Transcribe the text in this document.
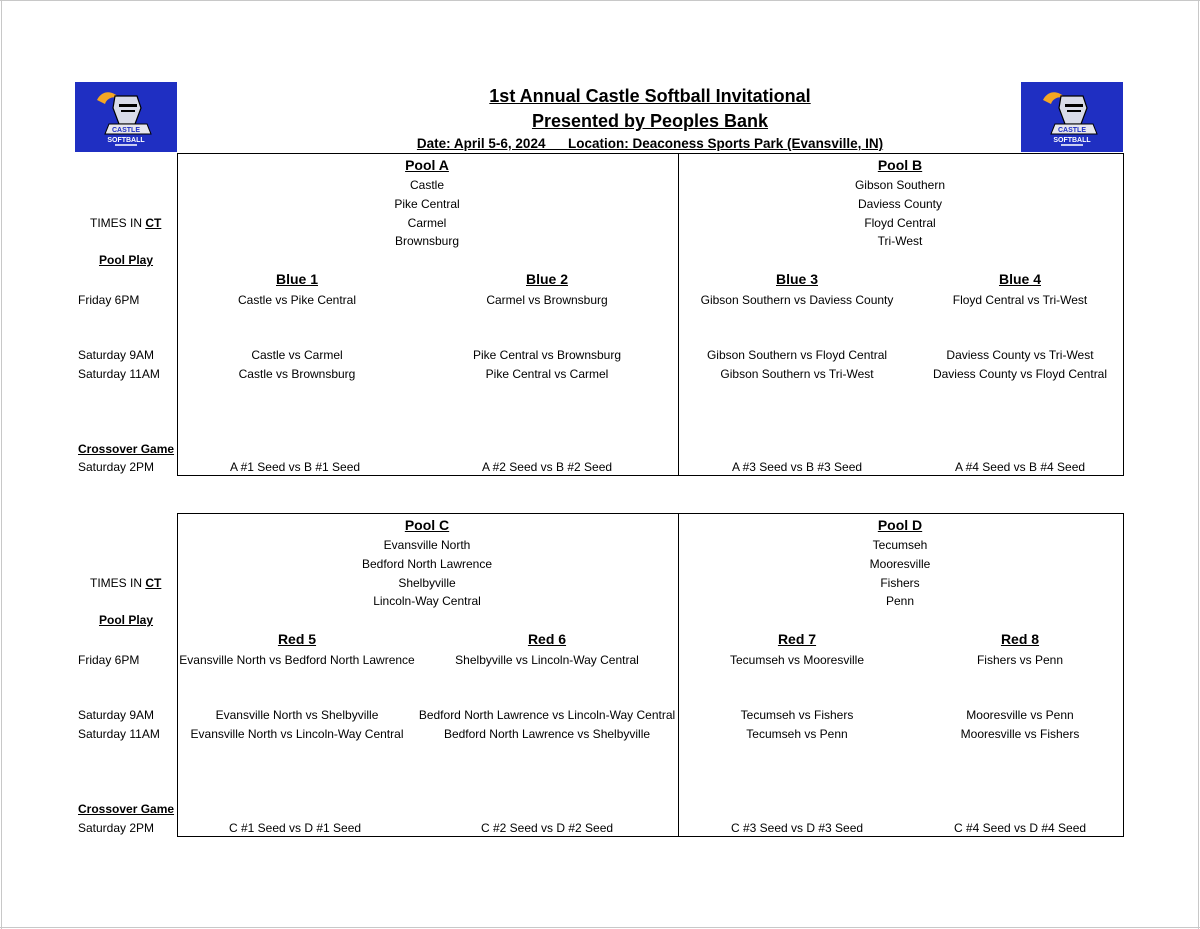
CASTLE
SOFTBALL
CASTLE
SOFTBALL
1st Annual Castle Softball Invitational
Presented by Peoples Bank
Date: April 5-6, 2024 Location: Deaconess Sports Park (Evansville, IN)
Pool A
Castle
Pike Central
Carmel
Brownsburg
Pool B
Gibson Southern
Daviess County
Floyd Central
Tri-West
TIMES IN CT
Pool Play
Blue 1	Blue 2	Blue 3	Blue 4
Friday 6PM	Castle vs Pike Central	Carmel vs Brownsburg	Gibson Southern vs Daviess County	Floyd Central vs Tri-West
Saturday 9AM	Castle vs Carmel	Pike Central vs Brownsburg	Gibson Southern vs Floyd Central	Daviess County vs Tri-West
Saturday 11AM	Castle vs Brownsburg	Pike Central vs Carmel	Gibson Southern vs Tri-West	Daviess County vs Floyd Central
Crossover Game
Saturday 2PM	A #1 Seed vs B #1 Seed	A #2 Seed vs B #2 Seed	A #3 Seed vs B #3 Seed	A #4 Seed vs B #4 Seed
Pool C
Evansville North
Bedford North Lawrence
Shelbyville
Lincoln-Way Central
Pool D
Tecumseh
Mooresville
Fishers
Penn
TIMES IN CT
Pool Play
Red 5	Red 6	Red 7	Red 8
Friday 6PM	Evansville North vs Bedford North Lawrence	Shelbyville vs Lincoln-Way Central	Tecumseh vs Mooresville	Fishers vs Penn
Saturday 9AM	Evansville North vs Shelbyville	Bedford North Lawrence vs Lincoln-Way Central	Tecumseh vs Fishers	Mooresville vs Penn
Saturday 11AM	Evansville North vs Lincoln-Way Central	Bedford North Lawrence vs Shelbyville	Tecumseh vs Penn	Mooresville vs Fishers
Crossover Game
Saturday 2PM	C #1 Seed vs D #1 Seed	C #2 Seed vs D #2 Seed	C #3 Seed vs D #3 Seed	C #4 Seed vs D #4 Seed
